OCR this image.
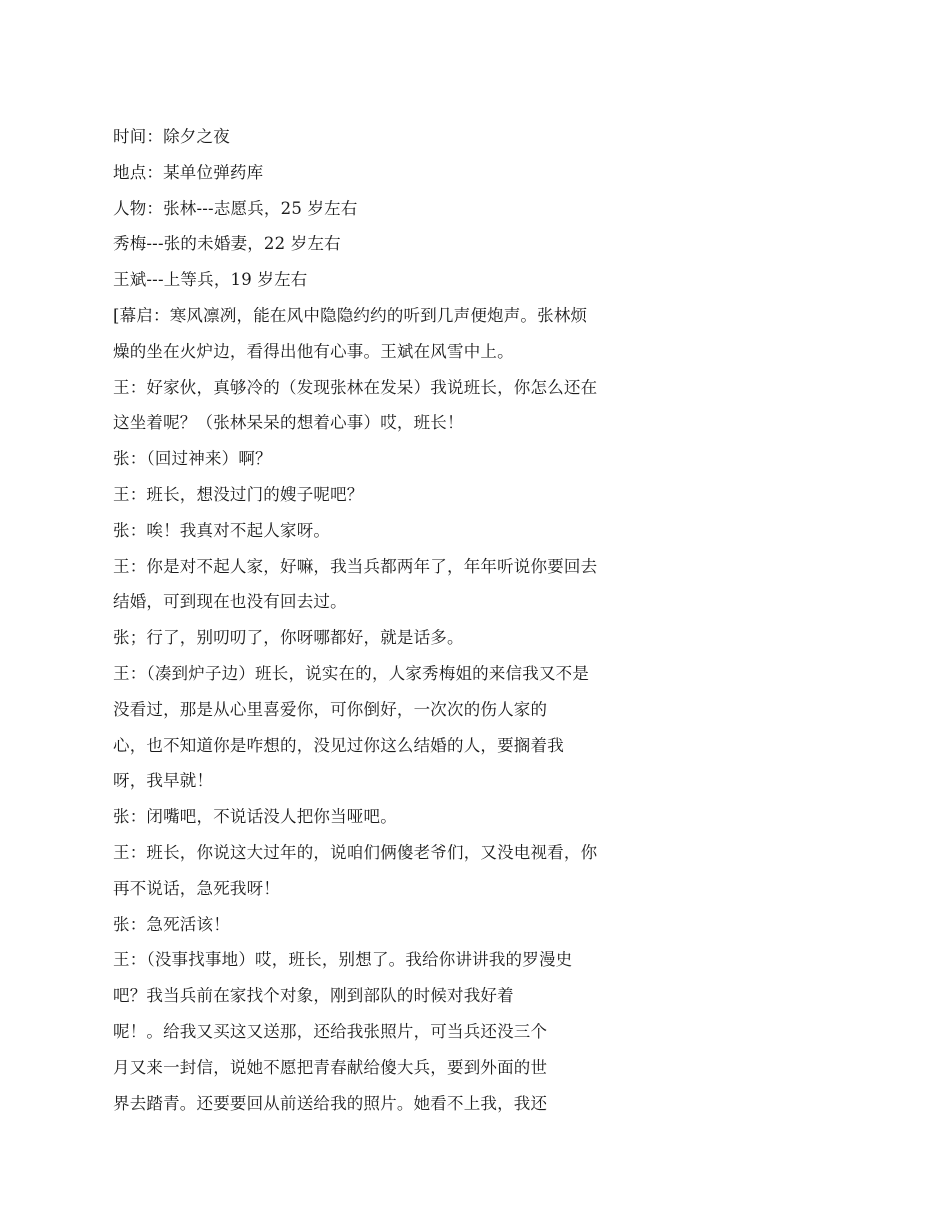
时间：除夕之夜
地点：某单位弹药库
人物：张林---志愿兵，25 岁左右
秀梅---张的未婚妻，22 岁左右
王斌---上等兵，19 岁左右
[幕启：寒风凛冽，能在风中隐隐约约的听到几声便炮声。张林烦
燥的坐在火炉边，看得出他有心事。王斌在风雪中上。
王：好家伙，真够冷的（发现张林在发呆）我说班长，你怎么还在
这坐着呢？（张林呆呆的想着心事）哎，班长！
张：（回过神来）啊？
王：班长，想没过门的嫂子呢吧？
张：唉！我真对不起人家呀。
王：你是对不起人家，好嘛，我当兵都两年了，年年听说你要回去
结婚，可到现在也没有回去过。
张；行了，别叨叨了，你呀哪都好，就是话多。
王：（凑到炉子边）班长，说实在的，人家秀梅姐的来信我又不是
没看过，那是从心里喜爱你，可你倒好，一次次的伤人家的
心，也不知道你是咋想的，没见过你这么结婚的人，要搁着我
呀，我早就！
张：闭嘴吧，不说话没人把你当哑吧。
王：班长，你说这大过年的，说咱们俩傻老爷们，又没电视看，你
再不说话，急死我呀！
张：急死活该！
王：（没事找事地）哎，班长，别想了。我给你讲讲我的罗漫史
吧？我当兵前在家找个对象，刚到部队的时候对我好着
呢！。给我又买这又送那，还给我张照片，可当兵还没三个
月又来一封信，说她不愿把青春献给傻大兵，要到外面的世
界去踏青。还要要回从前送给我的照片。她看不上我，我还
